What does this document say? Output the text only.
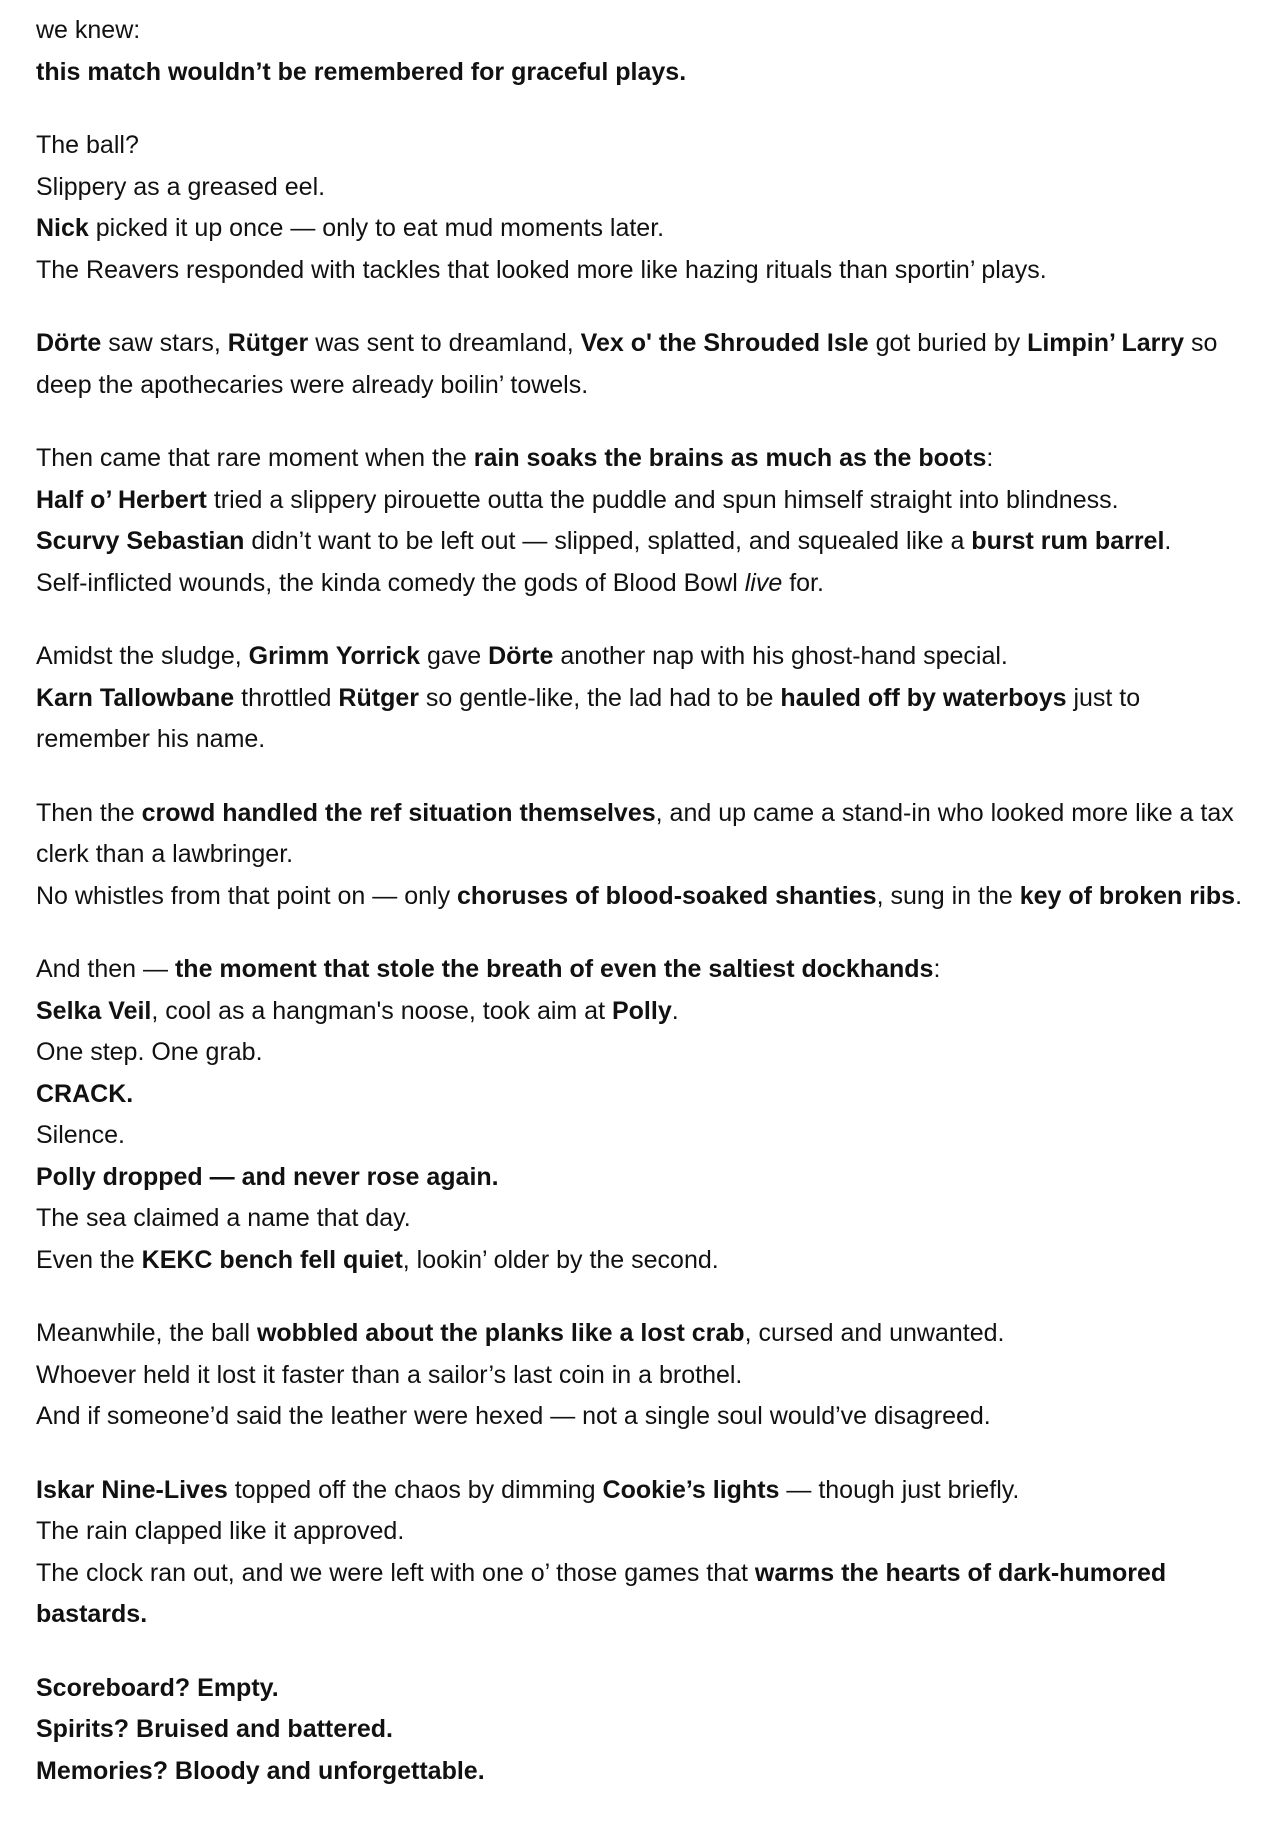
we knew:
this match wouldn’t be remembered for graceful plays.

The ball?
Slippery as a greased eel.
Nick picked it up once — only to eat mud moments later.
The Reavers responded with tackles that looked more like hazing rituals than sportin’ plays.

Dörte saw stars, Rütger was sent to dreamland, Vex o' the Shrouded Isle got buried by Limpin’ Larry so deep the apothecaries were already boilin’ towels.

Then came that rare moment when the rain soaks the brains as much as the boots:
Half o’ Herbert tried a slippery pirouette outta the puddle and spun himself straight into blindness.
Scurvy Sebastian didn’t want to be left out — slipped, splatted, and squealed like a burst rum barrel.
Self-inflicted wounds, the kinda comedy the gods of Blood Bowl live for.

Amidst the sludge, Grimm Yorrick gave Dörte another nap with his ghost-hand special.
Karn Tallowbane throttled Rütger so gentle-like, the lad had to be hauled off by waterboys just to remember his name.

Then the crowd handled the ref situation themselves, and up came a stand-in who looked more like a tax clerk than a lawbringer.
No whistles from that point on — only choruses of blood-soaked shanties, sung in the key of broken ribs.

And then — the moment that stole the breath of even the saltiest dockhands:
Selka Veil, cool as a hangman's noose, took aim at Polly.
One step. One grab.
CRACK.
Silence.
Polly dropped — and never rose again.
The sea claimed a name that day.
Even the KEKC bench fell quiet, lookin’ older by the second.

Meanwhile, the ball wobbled about the planks like a lost crab, cursed and unwanted.
Whoever held it lost it faster than a sailor’s last coin in a brothel.
And if someone’d said the leather were hexed — not a single soul would’ve disagreed.

Iskar Nine-Lives topped off the chaos by dimming Cookie’s lights — though just briefly.
The rain clapped like it approved.
The clock ran out, and we were left with one o’ those games that warms the hearts of dark-humored bastards.

Scoreboard? Empty.
Spirits? Bruised and battered.
Memories? Bloody and unforgettable.
